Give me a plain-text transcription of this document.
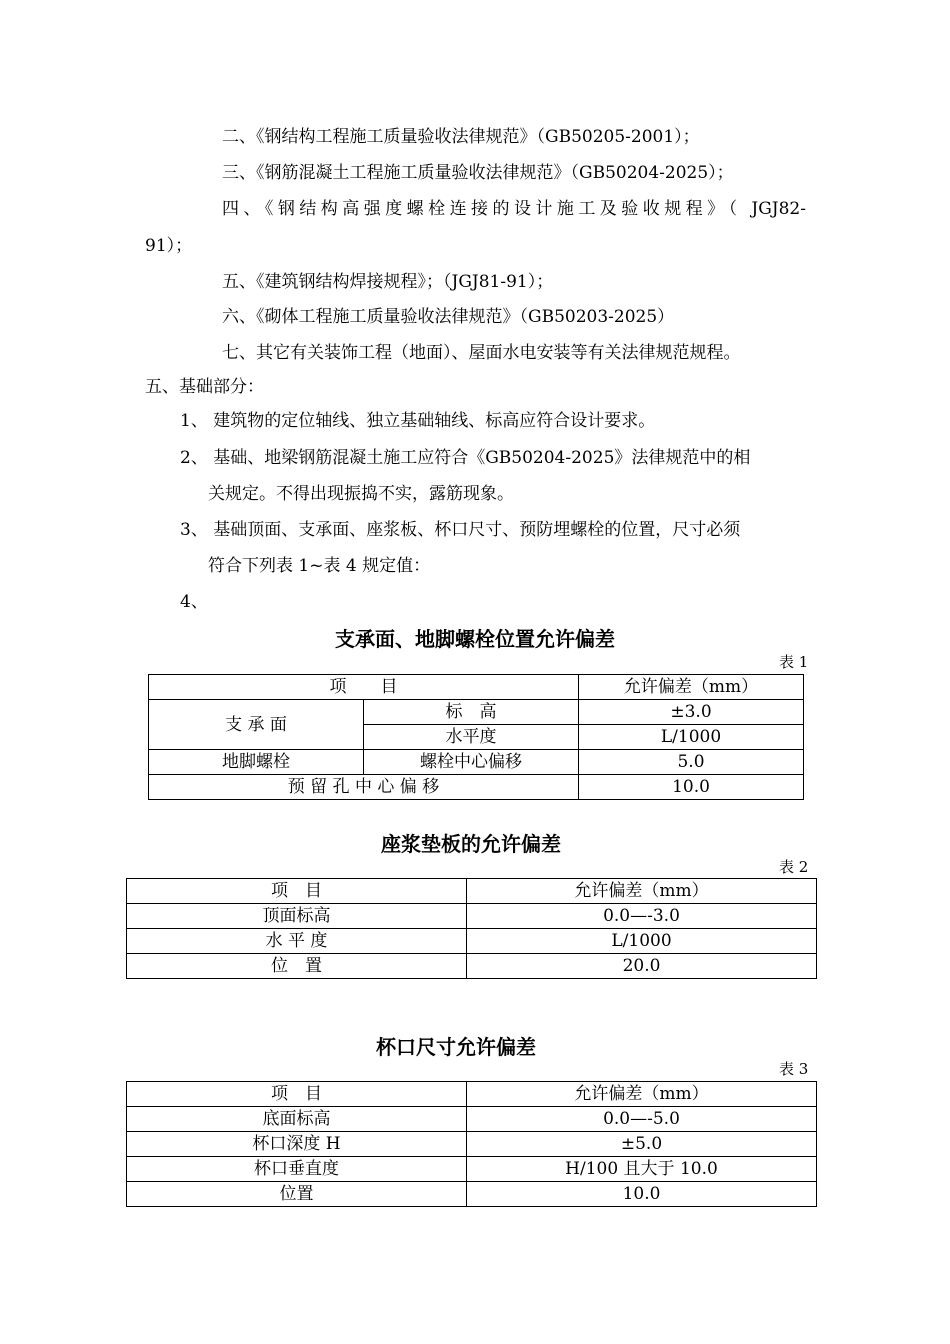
二、《钢结构工程施工质量验收法律规范》（GB50205-2001）；
三、《钢筋混凝土工程施工质量验收法律规范》（GB50204-2025）；
四、《钢结构高强度螺栓连接的设计施工及验收规程》（ JGJ82-
91）；
五、《建筑钢结构焊接规程》；（JGJ81-91）；
六、《砌体工程施工质量验收法律规范》（GB50203-2025）
七、其它有关装饰工程（地面）、屋面水电安装等有关法律规范规程。
五、基础部分：
1、 建筑物的定位轴线、独立基础轴线、标高应符合设计要求。
2、 基础、地梁钢筋混凝土施工应符合《GB50204-2025》法律规范中的相
关规定。不得出现振捣不实，露筋现象。
3、 基础顶面、支承面、座浆板、杯口尺寸、预防埋螺栓的位置，尺寸必须
符合下列表 1~表 4 规定值：
4、
支承面、地脚螺栓位置允许偏差
表 1
项　　目		允许偏差（mm）
支 承 面	标　高	±3.0
	水平度	L/1000
地脚螺栓	螺栓中心偏移	5.0
预 留 孔 中 心 偏 移		10.0
座浆垫板的允许偏差
表 2
项　目	允许偏差（mm）
顶面标高	0.0—-3.0
水 平 度	L/1000
位　置	20.0
杯口尺寸允许偏差
表 3
项　目	允许偏差（mm）
底面标高	0.0—-5.0
杯口深度 H	±5.0
杯口垂直度	H/100 且大于 10.0
位置	10.0
